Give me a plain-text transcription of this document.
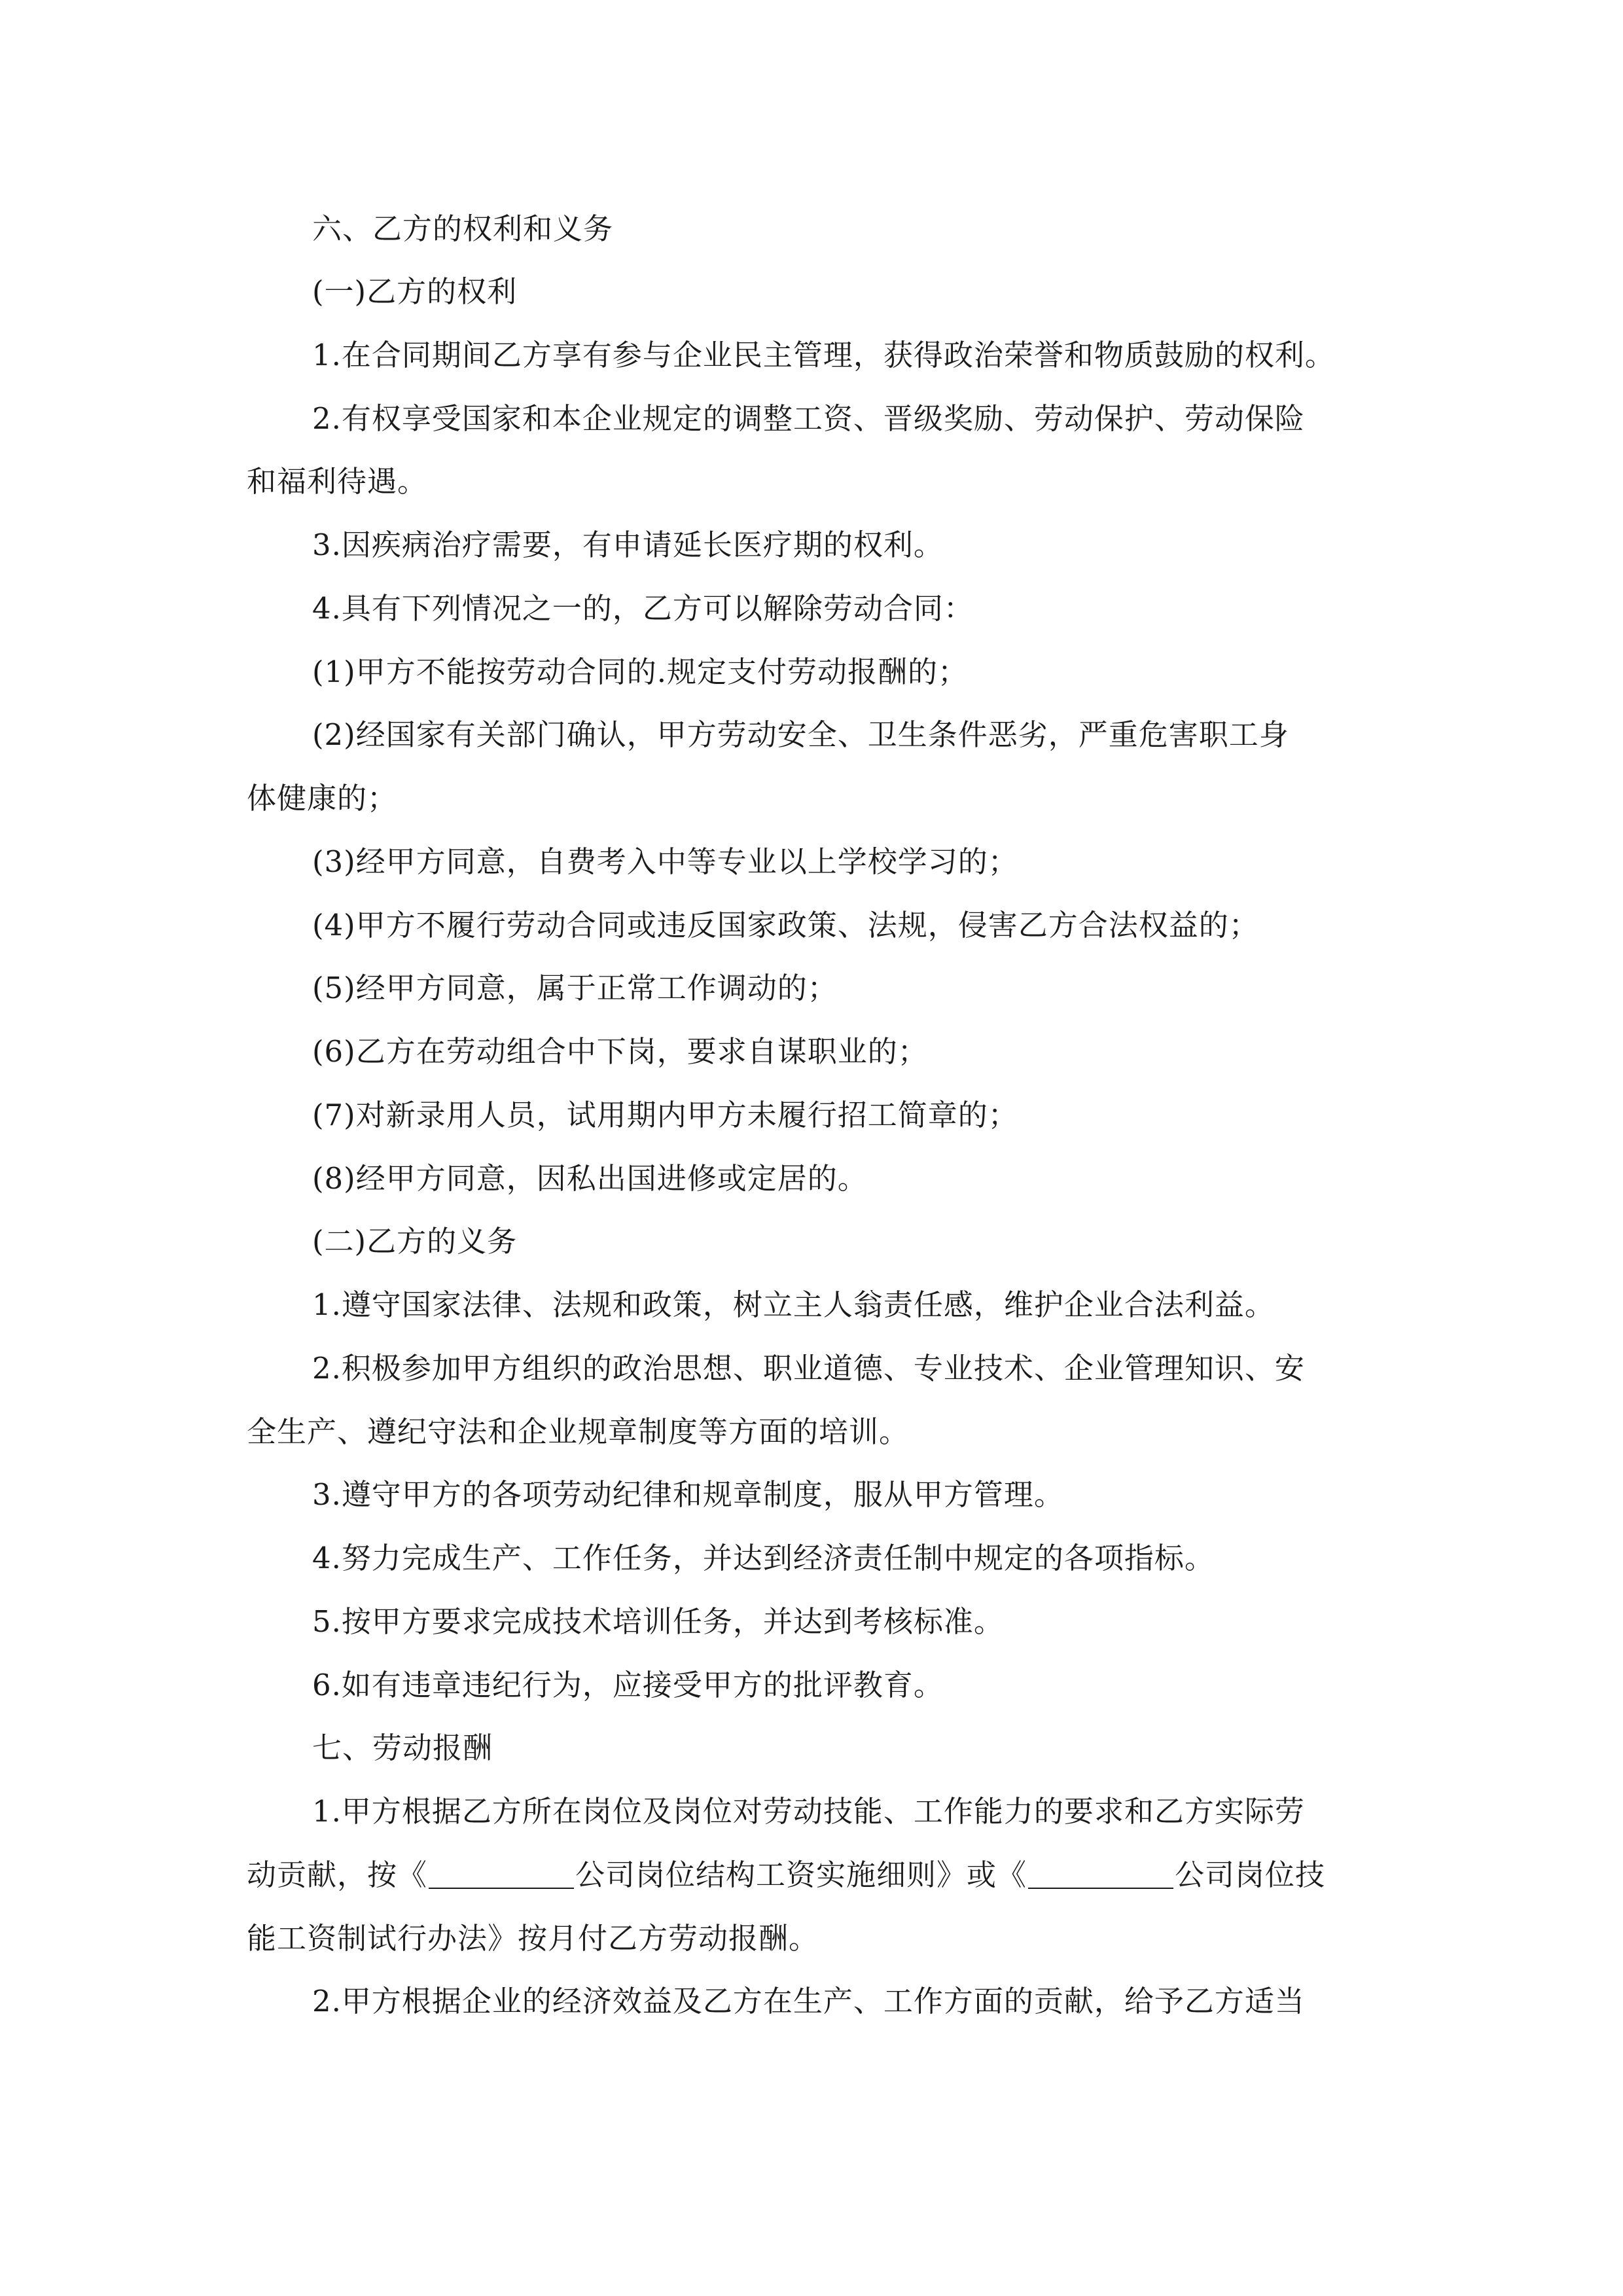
六、乙方的权利和义务
(一)乙方的权利
1.在合同期间乙方享有参与企业民主管理，获得政治荣誉和物质鼓励的权利。
2.有权享受国家和本企业规定的调整工资、晋级奖励、劳动保护、劳动保险
和福利待遇。
3.因疾病治疗需要，有申请延长医疗期的权利。
4.具有下列情况之一的，乙方可以解除劳动合同：
(1)甲方不能按劳动合同的.规定支付劳动报酬的；
(2)经国家有关部门确认，甲方劳动安全、卫生条件恶劣，严重危害职工身
体健康的；
(3)经甲方同意，自费考入中等专业以上学校学习的；
(4)甲方不履行劳动合同或违反国家政策、法规，侵害乙方合法权益的；
(5)经甲方同意，属于正常工作调动的；
(6)乙方在劳动组合中下岗，要求自谋职业的；
(7)对新录用人员，试用期内甲方未履行招工简章的；
(8)经甲方同意，因私出国进修或定居的。
(二)乙方的义务
1.遵守国家法律、法规和政策，树立主人翁责任感，维护企业合法利益。
2.积极参加甲方组织的政治思想、职业道德、专业技术、企业管理知识、安
全生产、遵纪守法和企业规章制度等方面的培训。
3.遵守甲方的各项劳动纪律和规章制度，服从甲方管理。
4.努力完成生产、工作任务，并达到经济责任制中规定的各项指标。
5.按甲方要求完成技术培训任务，并达到考核标准。
6.如有违章违纪行为，应接受甲方的批评教育。
七、劳动报酬
1.甲方根据乙方所在岗位及岗位对劳动技能、工作能力的要求和乙方实际劳
动贡献，按《	公司岗位结构工资实施细则》或《	公司岗位技
能工资制试行办法》按月付乙方劳动报酬。
2.甲方根据企业的经济效益及乙方在生产、工作方面的贡献，给予乙方适当
